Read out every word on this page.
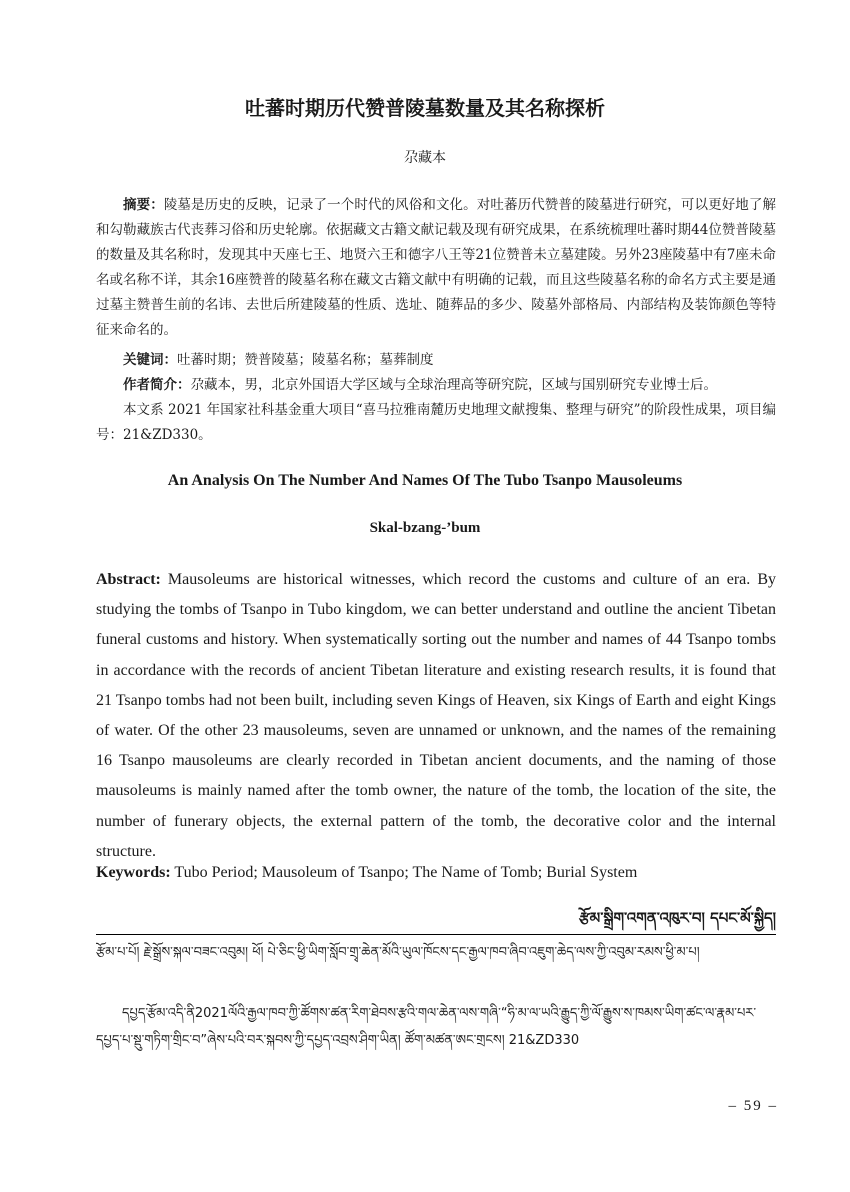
吐蕃时期历代赞普陵墓数量及其名称探析
尕藏本
摘要：陵墓是历史的反映，记录了一个时代的风俗和文化。对吐蕃历代赞普的陵墓进行研究，可以更好地了解和勾勒藏族古代丧葬习俗和历史轮廓。依据藏文古籍文献记载及现有研究成果，在系统梳理吐蕃时期44位赞普陵墓的数量及其名称时，发现其中天座七王、地贤六王和德字八王等21位赞普未立墓建陵。另外23座陵墓中有7座未命名或名称不详，其余16座赞普的陵墓名称在藏文古籍文献中有明确的记载，而且这些陵墓名称的命名方式主要是通过墓主赞普生前的名讳、去世后所建陵墓的性质、选址、随葬品的多少、陵墓外部格局、内部结构及装饰颜色等特征来命名的。
关键词：吐蕃时期；赞普陵墓；陵墓名称；墓葬制度
作者简介：尕藏本，男，北京外国语大学区域与全球治理高等研究院，区域与国别研究专业博士后。
本文系 2021 年国家社科基金重大项目“喜马拉雅南麓历史地理文献搜集、整理与研究”的阶段性成果，项目编号：21&ZD330。
An Analysis On The Number And Names Of The Tubo Tsanpo Mausoleums
Skal-bzang-’bum
Abstract: Mausoleums are historical witnesses, which record the customs and culture of an era. By studying the tombs of Tsanpo in Tubo kingdom, we can better understand and outline the ancient Tibetan funeral customs and history. When systematically sorting out the number and names of 44 Tsanpo tombs in accordance with the records of ancient Tibetan literature and existing research results, it is found that 21 Tsanpo tombs had not been built, including seven Kings of Heaven, six Kings of Earth and eight Kings of water. Of the other 23 mausoleums, seven are unnamed or unknown, and the names of the remaining 16 Tsanpo mausoleums are clearly recorded in Tibetan ancient documents, and the naming of those mausoleums is mainly named after the tomb owner, the nature of the tomb, the location of the site, the number of funerary objects, the external pattern of the tomb, the decorative color and the internal structure.
Keywords: Tubo Period; Mausoleum of Tsanpo; The Name of Tomb; Burial System
རྩོམ་སྒྲིག་འགན་འཁུར་བ། དཔང་མོ་སྐྱིད།
རྩོམ་པ་པོ། རྗེ་སྒྲོས་སྐལ་བཟང་འབུམ། ཕོ། པེ་ཅིང་ཕྱི་ཡིག་སློབ་གྲྭ་ཆེན་མོའི་ཡུལ་ཁོངས་དང་རྒྱལ་ཁབ་ཞིབ་འཇུག་ཆེད་ལས་ཀྱི་འབུམ་རམས་ཕྱི་མ་པ།
དཔྱད་རྩོམ་འདི་ནི2021ལོའི་རྒྱལ་ཁབ་ཀྱི་ཚོགས་ཚན་རིག་ཐེབས་རྩའི་གལ་ཆེན་ལས་གཞི་“ཧི་མ་ལ་ཡའི་རྒྱུད་ཀྱི་ལོ་རྒྱུས་ས་ཁམས་ཡིག་ཚང་ལ་རྣམ་པར་དཔྱད་པ་སྡུ་གཏིག་གྲིང་བ”ཞེས་པའི་བར་སྐབས་ཀྱི་དཔྱད་འབྲས་ཤིག་ཡིན། ཚོག་མཚན་ཨང་གྲངས། 21&ZD330
– 59 –
